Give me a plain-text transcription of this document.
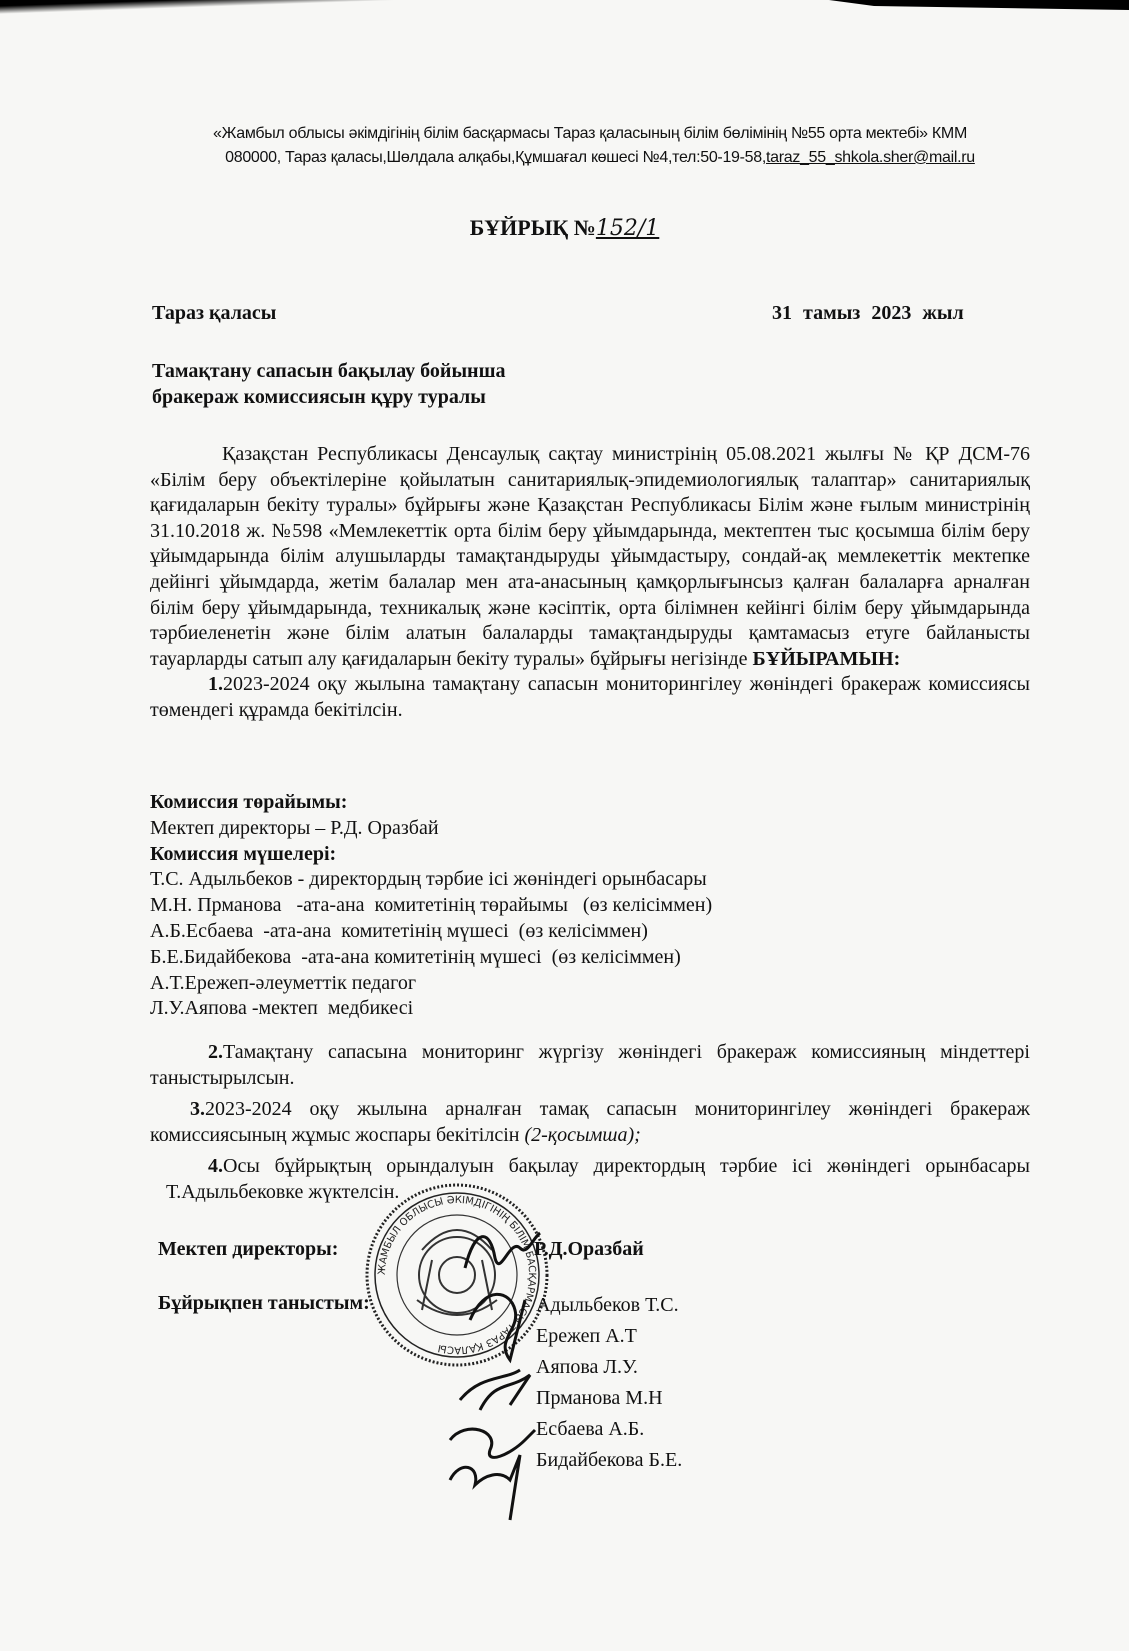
«Жамбыл облысы әкімдігінің білім басқармасы Тараз қаласының білім бөлімінің №55 орта мектебі» КММ
080000, Тараз қаласы,Шөлдала алқабы,Құмшағал көшесі №4,тел:50-19-58,taraz_55_shkola.sher@mail.ru
БҰЙРЫҚ №152/1
Тараз қаласы	31 тамыз 2023 жыл
Тамақтану сапасын бақылау бойынша
бракераж комиссиясын құру туралы

Қазақстан Республикасы Денсаулық сақтау министрінің 05.08.2021 жылғы № ҚР ДСМ-76 «Білім беру объектілеріне қойылатын санитариялық-эпидемиологиялық талаптар» санитариялық қағидаларын бекіту туралы» бұйрығы және Қазақстан Республикасы Білім және ғылым министрінің 31.10.2018 ж. №598 «Мемлекеттік орта білім беру ұйымдарында, мектептен тыс қосымша білім беру ұйымдарында білім алушыларды тамақтандыруды ұйымдастыру, сондай-ақ мемлекеттік мектепке дейінгі ұйымдарда, жетім балалар мен ата-анасының қамқорлығынсыз қалған балаларға арналған білім беру ұйымдарында, техникалық және кәсіптік, орта білімнен кейінгі білім беру ұйымдарында тәрбиеленетін және білім алатын балаларды тамақтандыруды қамтамасыз етуге байланысты тауарларды сатып алу қағидаларын бекіту туралы» бұйрығы негізінде БҰЙЫРАМЫН:

1.2023-2024 оқу жылына тамақтану сапасын мониторингілеу жөніндегі бракераж комиссиясы төмендегі құрамда бекітілсін.

Комиссия төрайымы:
Мектеп директоры – Р.Д. Оразбай
Комиссия мүшелері:
Т.С. Адыльбеков - директордың тәрбие ісі жөніндегі орынбасары
М.Н. Прманова   -ата-ана  комитетінің төрайымы   (өз келісіммен)
А.Б.Есбаева  -ата-ана  комитетінің мүшесі  (өз келісіммен)
Б.Е.Бидайбекова  -ата-ана комитетінің мүшесі  (өз келісіммен)
А.Т.Ережеп-әлеуметтік педагог
Л.У.Аяпова -мектеп  медбикесі

2.Тамақтану сапасына мониторинг жүргізу жөніндегі бракераж комиссияның міндеттері таныстырылсын.

3.2023-2024 оқу жылына арналған тамақ сапасын мониторингілеу жөніндегі бракераж комиссиясының жұмыс жоспары бекітілсін (2-қосымша);

4.Осы бұйрықтың орындалуын бақылау директордың тәрбие ісі жөніндегі орынбасары Т.Адыльбековке жүктелсін.

ЖАМБЫЛ ОБЛЫСЫ ӘКІМДІГІНІҢ БІЛІМ БАСҚАРМАСЫ ТАРАЗ ҚАЛАСЫ
Мектеп директоры:	Р.Д.Оразбай
Бұйрықпен таныстым:	Адыльбеков Т.С.
Ережеп А.Т
Аяпова Л.У.
Прманова М.Н
Есбаева А.Б.
Бидайбекова Б.Е.
